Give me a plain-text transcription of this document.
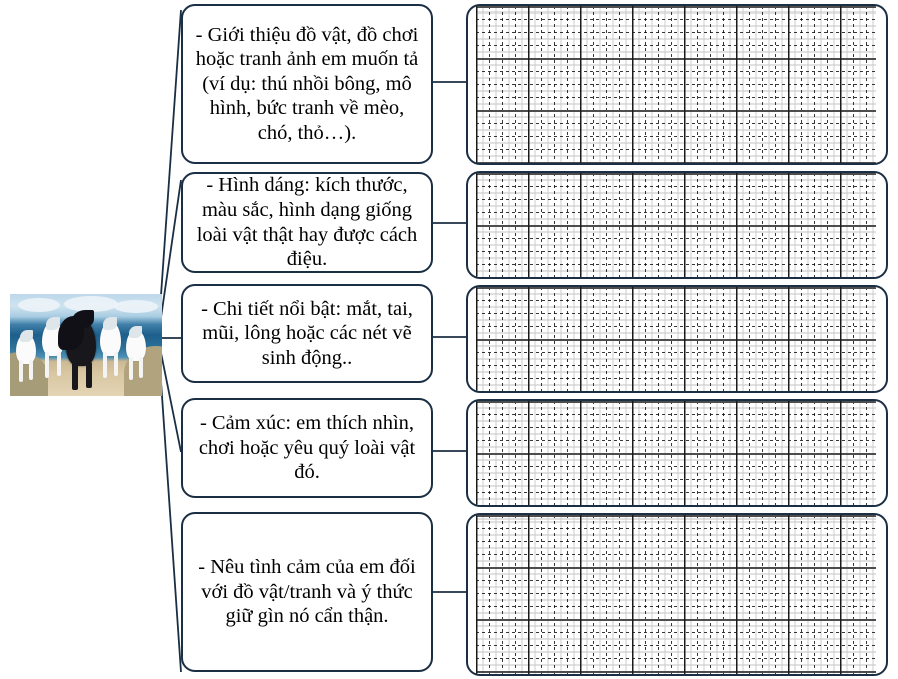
- Giới thiệu đồ vật, đồ chơi hoặc tranh ảnh em muốn tả (ví dụ: thú nhồi bông, mô hình, bức tranh về mèo, chó, thỏ…).

- Hình dáng: kích thước, màu sắc, hình dạng giống loài vật thật hay được cách điệu.

- Chi tiết nổi bật: mắt, tai, mũi, lông hoặc các nét vẽ sinh động..

- Cảm xúc: em thích nhìn, chơi hoặc yêu quý loài vật đó.

- Nêu tình cảm của em đối với đồ vật/tranh và ý thức giữ gìn nó cẩn thận.
